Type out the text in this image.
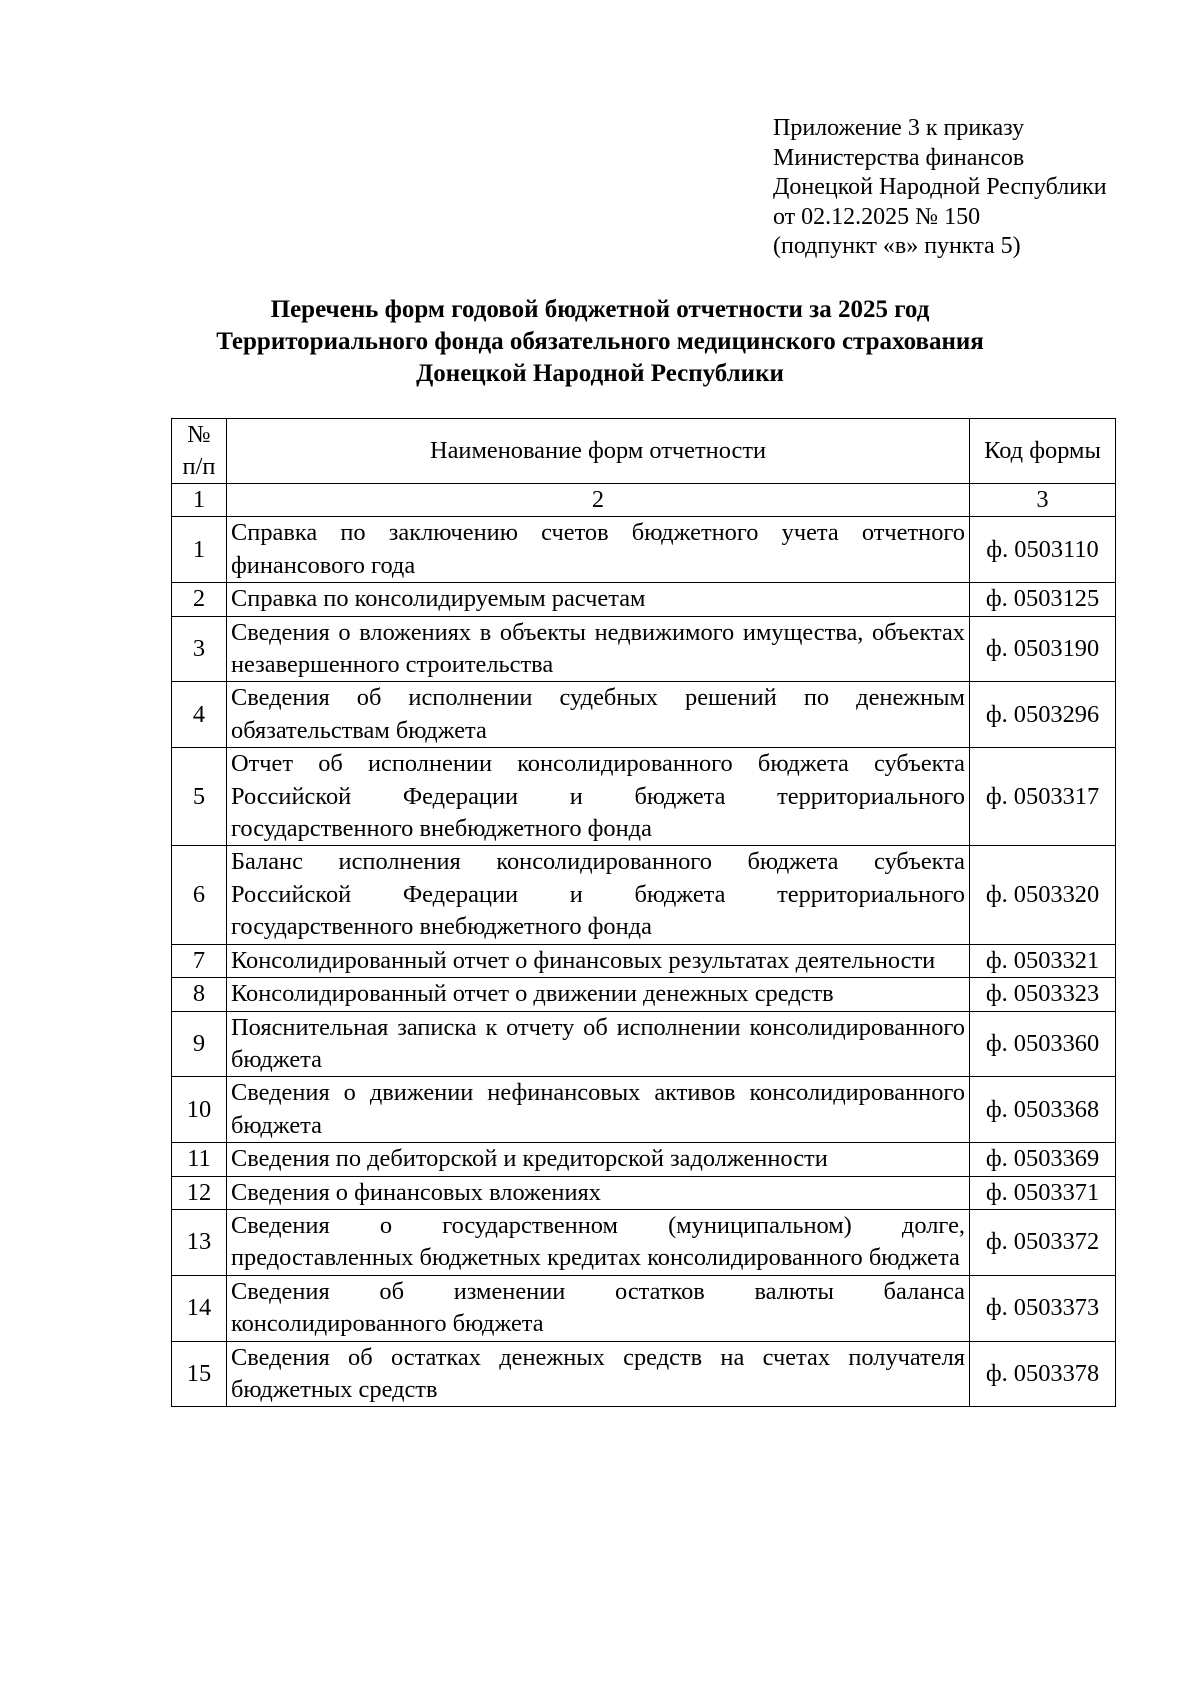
Приложение 3 к приказу
Министерства финансов
Донецкой Народной Республики
от 02.12.2025 № 150
(подпункт «в» пункта 5)
Перечень форм годовой бюджетной отчетности за 2025 год
Территориального фонда обязательного медицинского страхования
Донецкой Народной Республики
№
п/п	Наименование форм отчетности	Код формы
1	2	3
1	Справка по заключению счетов бюджетного учета отчетного финансового года	ф. 0503110
2	Справка по консолидируемым расчетам	ф. 0503125
3	Сведения о вложениях в объекты недвижимого имущества, объектах незавершенного строительства	ф. 0503190
4	Сведения об исполнении судебных решений по денежным обязательствам бюджета	ф. 0503296
5	Отчет об исполнении консолидированного бюджета субъекта Российской Федерации и бюджета территориального государственного внебюджетного фонда	ф. 0503317
6	Баланс исполнения консолидированного бюджета субъекта Российской Федерации и бюджета территориального государственного внебюджетного фонда	ф. 0503320
7	Консолидированный отчет о финансовых результатах деятельности	ф. 0503321
8	Консолидированный отчет о движении денежных средств	ф. 0503323
9	Пояснительная записка к отчету об исполнении консолидированного бюджета	ф. 0503360
10	Сведения о движении нефинансовых активов консолидированного бюджета	ф. 0503368
11	Сведения по дебиторской и кредиторской задолженности	ф. 0503369
12	Сведения о финансовых вложениях	ф. 0503371
13	Сведения о государственном (муниципальном) долге, предоставленных бюджетных кредитах консолидированного бюджета	ф. 0503372
14	Сведения об изменении остатков валюты баланса консолидированного бюджета	ф. 0503373
15	Сведения об остатках денежных средств на счетах получателя бюджетных средств	ф. 0503378
